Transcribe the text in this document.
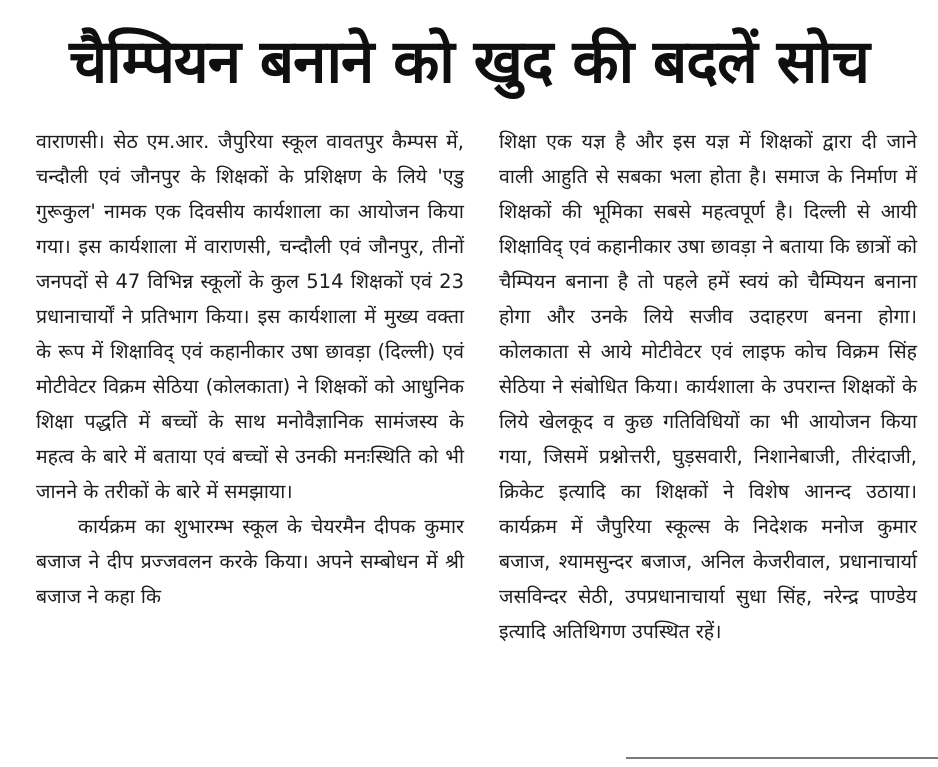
चैम्पियन बनाने को खुद की बदलें सोच

वाराणसी। सेठ एम.आर. जैपुरिया स्कूल वावतपुर कैम्पस में, चन्दौली एवं जौनपुर के शिक्षकों के प्रशिक्षण के लिये 'एडु गुरूकुल' नामक एक दिवसीय कार्यशाला का आयोजन किया गया। इस कार्यशाला में वाराणसी, चन्दौली एवं जौनपुर, तीनों जनपदों से 47 विभिन्न स्कूलों के कुल 514 शिक्षकों एवं 23 प्रधानाचार्यों ने प्रतिभाग किया। इस कार्यशाला में मुख्य वक्ता के रूप में शिक्षाविद् एवं कहानीकार उषा छावड़ा (दिल्ली) एवं मोटीवेटर विक्रम सेठिया (कोलकाता) ने शिक्षकों को आधुनिक शिक्षा पद्धति में बच्चों के साथ मनोवैज्ञानिक सामंजस्य के महत्व के बारे में बताया एवं बच्चों से उनकी मनःस्थिति को भी जानने के तरीकों के बारे में समझाया।

कार्यक्रम का शुभारम्भ स्कूल के चेयरमैन दीपक कुमार बजाज ने दीप प्रज्जवलन करके किया। अपने सम्बोधन में श्री बजाज ने कहा कि

शिक्षा एक यज्ञ है और इस यज्ञ में शिक्षकों द्वारा दी जाने वाली आहुति से सबका भला होता है। समाज के निर्माण में शिक्षकों की भूमिका सबसे महत्वपूर्ण है। दिल्ली से आयी शिक्षाविद् एवं कहानीकार उषा छावड़ा ने बताया कि छात्रों को चैम्पियन बनाना है तो पहले हमें स्वयं को चैम्पियन बनाना होगा और उनके लिये सजीव उदाहरण बनना होगा। कोलकाता से आये मोटीवेटर एवं लाइफ कोच विक्रम सिंह सेठिया ने संबोधित किया। कार्यशाला के उपरान्त शिक्षकों के लिये खेलकूद व कुछ गतिविधियों का भी आयोजन किया गया, जिसमें प्रश्नोत्तरी, घुड़सवारी, निशानेबाजी, तीरंदाजी, क्रिकेट इत्यादि का शिक्षकों ने विशेष आनन्द उठाया। कार्यक्रम में जैपुरिया स्कूल्स के निदेशक मनोज कुमार बजाज, श्यामसुन्दर बजाज, अनिल केजरीवाल, प्रधानाचार्या जसविन्दर सेठी, उपप्रधानाचार्या सुधा सिंह, नरेन्द्र पाण्डेय इत्यादि अतिथिगण उपस्थित रहें।
